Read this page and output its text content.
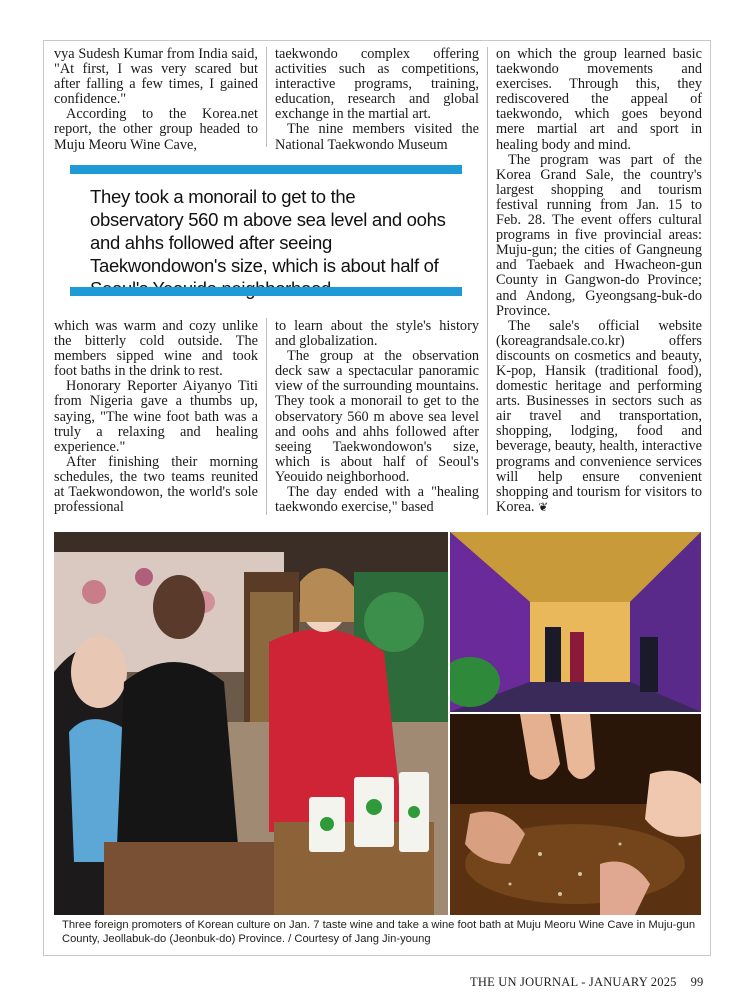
vya Sudesh Kumar from India said, "At first, I was very scared but after falling a few times, I gained confidence."

According to the Korea.net report, the other group headed to Muju Meoru Wine Cave,

taekwondo complex offering activities such as competitions, interactive programs, training, education, research and global exchange in the martial art.

The nine members visited the National Taekwondo Museum

on which the group learned basic taekwondo movements and exercises. Through this, they rediscovered the appeal of taekwondo, which goes beyond mere martial art and sport in healing body and mind.

The program was part of the Korea Grand Sale, the country's largest shopping and tourism festival running from Jan. 15 to Feb. 28. The event offers cultural programs in five provincial areas: Muju-gun; the cities of Gangneung and Taebaek and Hwacheon-gun County in Gangwon-do Province; and Andong, Gyeongsang-buk-do Province.

The sale's official website (koreagrandsale.co.kr) offers discounts on cosmetics and beauty, K-pop, Hansik (traditional food), domestic heritage and performing arts. Businesses in sectors such as air travel and transportation, shopping, lodging, food and beverage, beauty, health, interactive programs and convenience services will help ensure convenient shopping and tourism for visitors to Korea. ❦

They took a monorail to get to the observatory 560 m above sea level and oohs and ahhs followed after seeing Taekwondowon's size, which is about half of

which was warm and cozy unlike the bitterly cold outside. The members sipped wine and took foot baths in the drink to rest.

Honorary Reporter Aiyanyo Titi from Nigeria gave a thumbs up, saying, "The wine foot bath was a truly a relaxing and healing experience."

After finishing their morning schedules, the two teams reunited at Taekwondowon, the world's sole professional

to learn about the style's history and globalization.

The group at the observation deck saw a spectacular panoramic view of the surrounding mountains. They took a monorail to get to the observatory 560 m above sea level and oohs and ahhs followed after seeing Taekwondowon's size, which is about half of Seoul's Yeouido neighborhood.

The day ended with a "healing taekwondo exercise," based

Three foreign promoters of Korean culture on Jan. 7 taste wine and take a wine foot bath at Muju Meoru Wine Cave in Muju-gun County, Jeollabuk-do (Jeonbuk-do) Province. / Courtesy of Jang Jin-young
THE UN JOURNAL - JANUARY 2025 99
